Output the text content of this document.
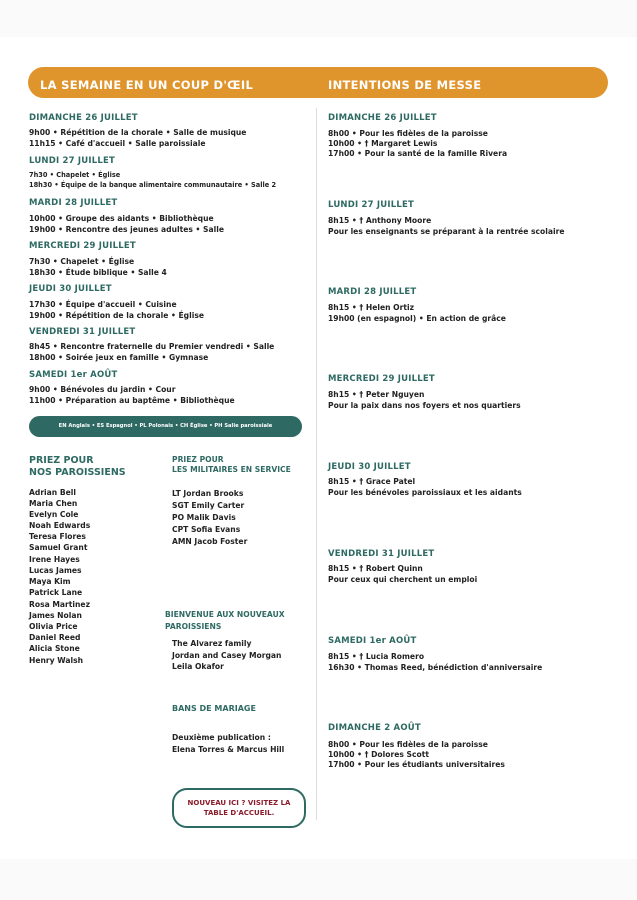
LA SEMAINE EN UN COUP D'ŒIL	INTENTIONS DE MESSE
DIMANCHE 26 JUILLET
9h00 • Répétition de la chorale • Salle de musique
11h15 • Café d'accueil • Salle paroissiale
LUNDI 27 JUILLET
7h30 • Chapelet • Église
18h30 • Équipe de la banque alimentaire communautaire • Salle 2
MARDI 28 JUILLET
10h00 • Groupe des aidants • Bibliothèque
19h00 • Rencontre des jeunes adultes • Salle
MERCREDI 29 JUILLET
7h30 • Chapelet • Église
18h30 • Étude biblique • Salle 4
JEUDI 30 JUILLET
17h30 • Équipe d'accueil • Cuisine
19h00 • Répétition de la chorale • Église
VENDREDI 31 JUILLET
8h45 • Rencontre fraternelle du Premier vendredi • Salle
18h00 • Soirée jeux en famille • Gymnase
SAMEDI 1er AOÛT
9h00 • Bénévoles du jardin • Cour
11h00 • Préparation au baptême • Bibliothèque
EN Anglais • ES Espagnol • PL Polonais • CH Église • PH Salle paroissiale
PRIEZ POUR
NOS PAROISSIENS
Adrian Bell
Maria Chen
Evelyn Cole
Noah Edwards
Teresa Flores
Samuel Grant
Irene Hayes
Lucas James
Maya Kim
Patrick Lane
Rosa Martinez
James Nolan
Olivia Price
Daniel Reed
Alicia Stone
Henry Walsh
PRIEZ POUR
LES MILITAIRES EN SERVICE
LT Jordan Brooks
SGT Emily Carter
PO Malik Davis
CPT Sofia Evans
AMN Jacob Foster
BIENVENUE AUX NOUVEAUX
PAROISSIENS
The Alvarez family
Jordan and Casey Morgan
Leila Okafor
BANS DE MARIAGE
Deuxième publication :
Elena Torres & Marcus Hill
NOUVEAU ICI ? VISITEZ LA
TABLE D'ACCUEIL.
DIMANCHE 26 JUILLET
8h00 • Pour les fidèles de la paroisse
10h00 • † Margaret Lewis
17h00 • Pour la santé de la famille Rivera
LUNDI 27 JUILLET
8h15 • † Anthony Moore
Pour les enseignants se préparant à la rentrée scolaire
MARDI 28 JUILLET
8h15 • † Helen Ortiz
19h00 (en espagnol) • En action de grâce
MERCREDI 29 JUILLET
8h15 • † Peter Nguyen
Pour la paix dans nos foyers et nos quartiers
JEUDI 30 JUILLET
8h15 • † Grace Patel
Pour les bénévoles paroissiaux et les aidants
VENDREDI 31 JUILLET
8h15 • † Robert Quinn
Pour ceux qui cherchent un emploi
SAMEDI 1er AOÛT
8h15 • † Lucia Romero
16h30 • Thomas Reed, bénédiction d'anniversaire
DIMANCHE 2 AOÛT
8h00 • Pour les fidèles de la paroisse
10h00 • † Dolores Scott
17h00 • Pour les étudiants universitaires
